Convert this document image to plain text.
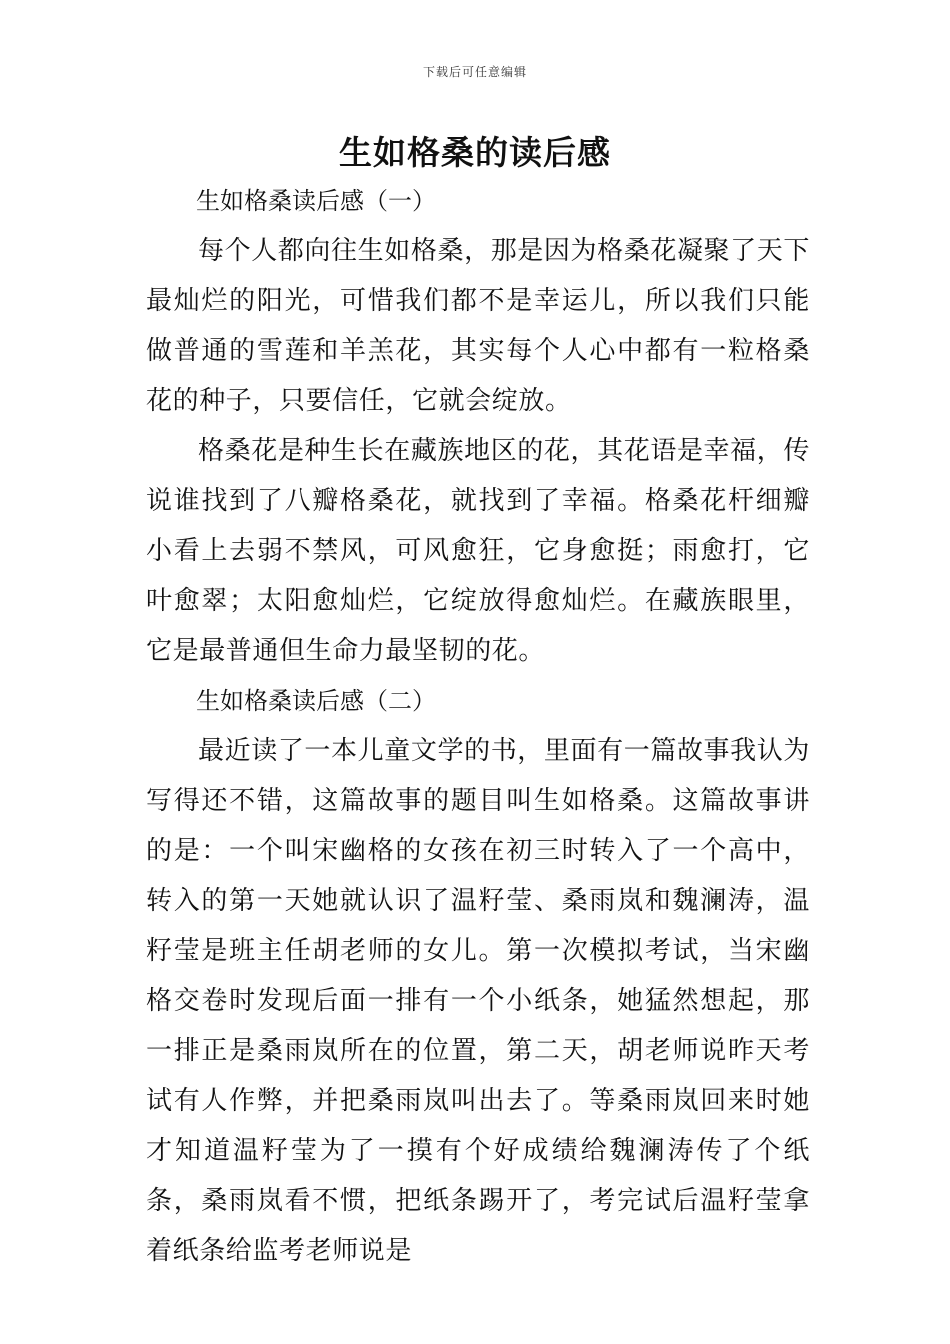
下载后可任意编辑
生如格桑的读后感

生如格桑读后感（一）

每个人都向往生如格桑，那是因为格桑花凝聚了天下最灿烂的阳光，可惜我们都不是幸运儿，所以我们只能做普通的雪莲和羊羔花，其实每个人心中都有一粒格桑花的种子，只要信任，它就会绽放。

格桑花是种生长在藏族地区的花，其花语是幸福，传说谁找到了八瓣格桑花，就找到了幸福。格桑花杆细瓣小看上去弱不禁风，可风愈狂，它身愈挺；雨愈打，它叶愈翠；太阳愈灿烂，它绽放得愈灿烂。在藏族眼里，它是最普通但生命力最坚韧的花。

生如格桑读后感（二）

最近读了一本儿童文学的书，里面有一篇故事我认为写得还不错，这篇故事的题目叫生如格桑。这篇故事讲的是：一个叫宋幽格的女孩在初三时转入了一个高中，转入的第一天她就认识了温籽莹、桑雨岚和魏澜涛，温籽莹是班主任胡老师的女儿。第一次模拟考试，当宋幽格交卷时发现后面一排有一个小纸条，她猛然想起，那一排正是桑雨岚所在的位置，第二天，胡老师说昨天考试有人作弊，并把桑雨岚叫出去了。等桑雨岚回来时她才知道温籽莹为了一摸有个好成绩给魏澜涛传了个纸条，桑雨岚看不惯，把纸条踢开了，考完试后温籽莹拿着纸条给监考老师说是
